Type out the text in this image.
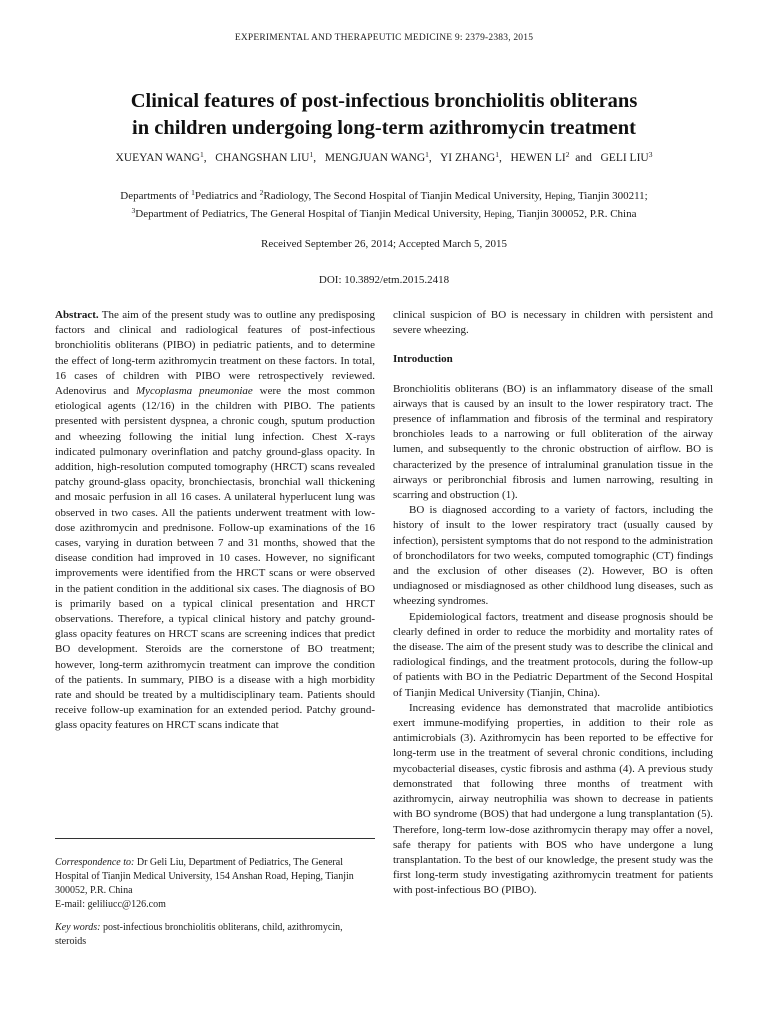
EXPERIMENTAL AND THERAPEUTIC MEDICINE 9: 2379-2383, 2015
Clinical features of post-infectious bronchiolitis obliterans
in children undergoing long-term azithromycin treatment
XUEYAN WANG$^1$,   CHANGSHAN LIU$^1$,   MENGJUAN WANG$^1$,   YI ZHANG$^1$,   HEWEN $LI^2$  and   GELI LIU$^3$
Departments of $^1$Pediatrics and $^2$Radiology, The Second Hospital of Tianjin Medical University, Heping, Tianjin 300211;
$^3$Department of Pediatrics, The General Hospital of Tianjin Medical University, Heping, Tianjin 300052, P.R. China
Received September 26, 2014; Accepted March 5, 2015
DOI: 10.3892/etm.2015.2418

Abstract. The aim of the present study was to outline any predisposing factors and clinical and radiological features of post-infectious bronchiolitis obliterans (PIBO) in pediatric patients, and to determine the effect of long-term azithromycin treatment on these factors. In total, 16 cases of children with PIBO were retrospectively reviewed. Adenovirus and Mycoplasma pneumoniae were the most common etiological agents (12/16) in the children with PIBO. The patients presented with persistent dyspnea, a chronic cough, sputum production and wheezing following the initial lung infection. Chest X-rays indicated pulmonary overinflation and patchy ground-glass opacity. In addition, high-resolution computed tomography (HRCT) scans revealed patchy ground-glass opacity, bronchiectasis, bronchial wall thickening and mosaic perfusion in all 16 cases. A unilateral hyperlucent lung was observed in two cases. All the patients underwent treatment with low-dose azithromycin and prednisone. Follow-up examinations of the 16 cases, varying in duration between 7 and 31 months, showed that the disease condition had improved in 10 cases. However, no significant improvements were identified from the HRCT scans or were observed in the patient condition in the additional six cases. The diagnosis of BO is primarily based on a typical clinical presentation and HRCT observations. Therefore, a typical clinical history and patchy ground-glass opacity features on HRCT scans are screening indices that predict BO development. Steroids are the cornerstone of BO treatment; however, long-term azithromycin treatment can improve the condition of the patients. In summary, PIBO is a disease with a high morbidity rate and should be treated by a multidisciplinary team. Patients should receive follow-up examination for an extended period. Patchy ground-glass opacity features on HRCT scans indicate that

Correspondence to: Dr Geli Liu, Department of Pediatrics, The General Hospital of Tianjin Medical University, 154 Anshan Road, Heping, Tianjin 300052, P.R. China
E-mail: geliliucc@126.com

Key words: post-infectious bronchiolitis obliterans, child, azithromycin, steroids

clinical suspicion of BO is necessary in children with persistent and severe wheezing.

Introduction

Bronchiolitis obliterans (BO) is an inflammatory disease of the small airways that is caused by an insult to the lower respiratory tract. The presence of inflammation and fibrosis of the terminal and respiratory bronchioles leads to a narrowing or full obliteration of the airway lumen, and subsequently to the chronic obstruction of airflow. BO is characterized by the presence of intraluminal granulation tissue in the airways or peribronchial fibrosis and lumen narrowing, resulting in scarring and obstruction (1).

BO is diagnosed according to a variety of factors, including the history of insult to the lower respiratory tract (usually caused by infection), persistent symptoms that do not respond to the administration of bronchodilators for two weeks, computed tomographic (CT) findings and the exclusion of other diseases (2). However, BO is often undiagnosed or misdiagnosed as other childhood lung diseases, such as wheezing syndromes.

Epidemiological factors, treatment and disease prognosis should be clearly defined in order to reduce the morbidity and mortality rates of the disease. The aim of the present study was to describe the clinical and radiological findings, and the treatment protocols, during the follow-up of patients with BO in the Pediatric Department of the Second Hospital of Tianjin Medical University (Tianjin, China).

Increasing evidence has demonstrated that macrolide antibiotics exert immune-modifying properties, in addition to their role as antimicrobials (3). Azithromycin has been reported to be effective for long-term use in the treatment of several chronic conditions, including mycobacterial diseases, cystic fibrosis and asthma (4). A previous study demonstrated that following three months of treatment with azithromycin, airway neutrophilia was shown to decrease in patients with BO syndrome (BOS) that had undergone a lung transplantation (5). Therefore, long-term low-dose azithromycin therapy may offer a novel, safe therapy for patients with BOS who have undergone a lung transplantation. To the best of our knowledge, the present study was the first long-term study investigating azithromycin treatment for patients with post-infectious BO (PIBO).
